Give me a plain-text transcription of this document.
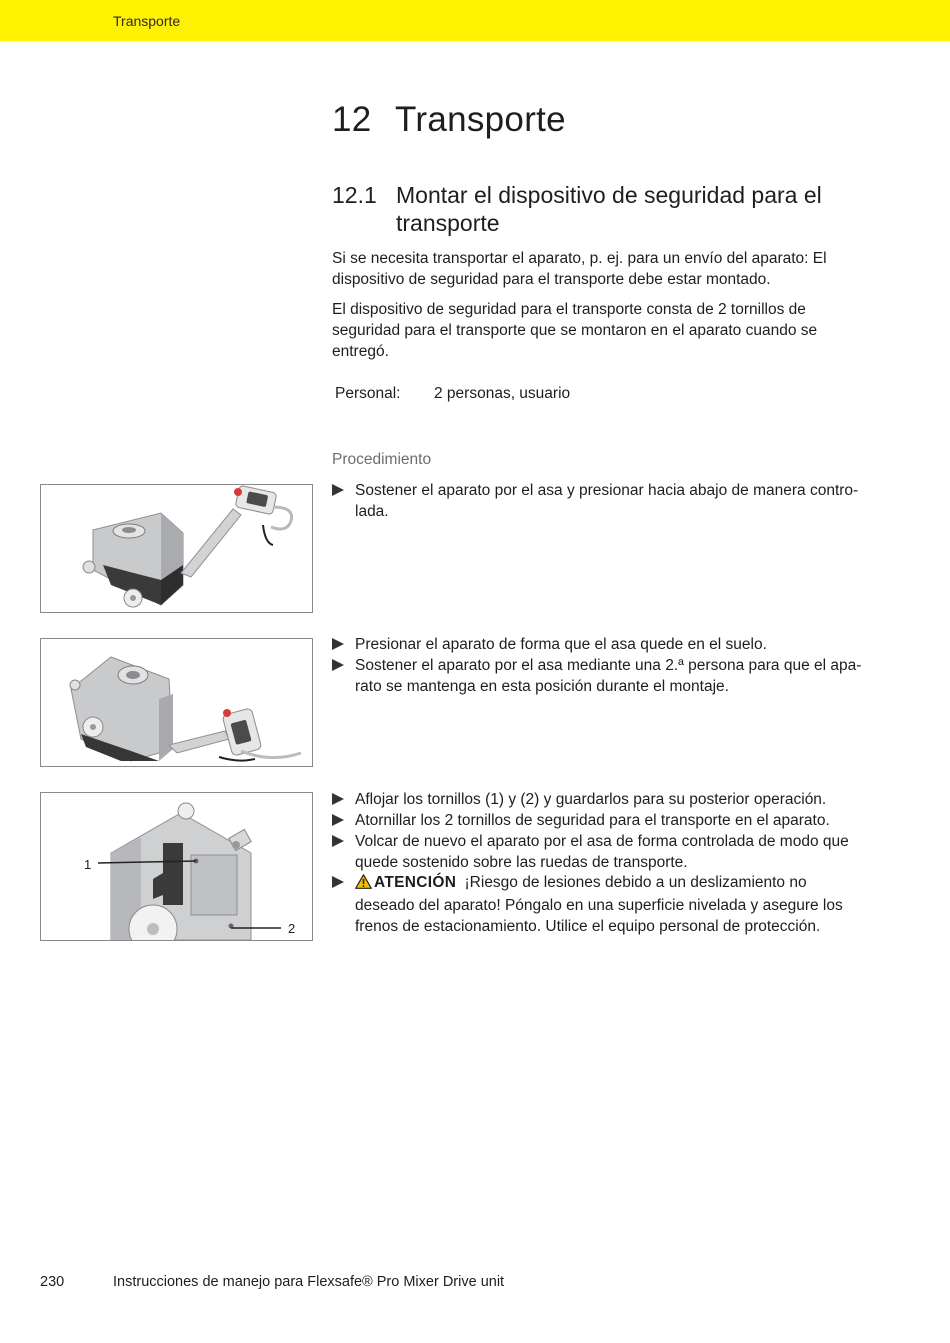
Transporte
12 Transporte
12.1 Montar el dispositivo de seguridad para el transporte

Si se necesita transportar el aparato, p. ej. para un envío del aparato: El dispositivo de seguridad para el transporte debe estar montado.

El dispositivo de seguridad para el transporte consta de 2 tornillos de seguridad para el transporte que se montaron en el aparato cuando se entregó.

Personal: 2 personas, usuario
Procedimiento
Sostener el aparato por el asa y presionar hacia abajo de manera controlada.
Presionar el aparato de forma que el asa quede en el suelo.
Sostener el aparato por el asa mediante una 2.ª persona para que el aparato se mantenga en esta posición durante el montaje.
Aflojar los tornillos (1) y (2) y guardarlos para su posterior operación.
Atornillar los 2 tornillos de seguridad para el transporte en el aparato.
Volcar de nuevo el aparato por el asa de forma controlada de modo que quede sostenido sobre las ruedas de transporte.
ATENCIÓN ¡Riesgo de lesiones debido a un deslizamiento no deseado del aparato! Póngalo en una superficie nivelada y asegure los frenos de estacionamiento. Utilice el equipo personal de protección.
1
2
230	Instrucciones de manejo para Flexsafe® Pro Mixer Drive unit
